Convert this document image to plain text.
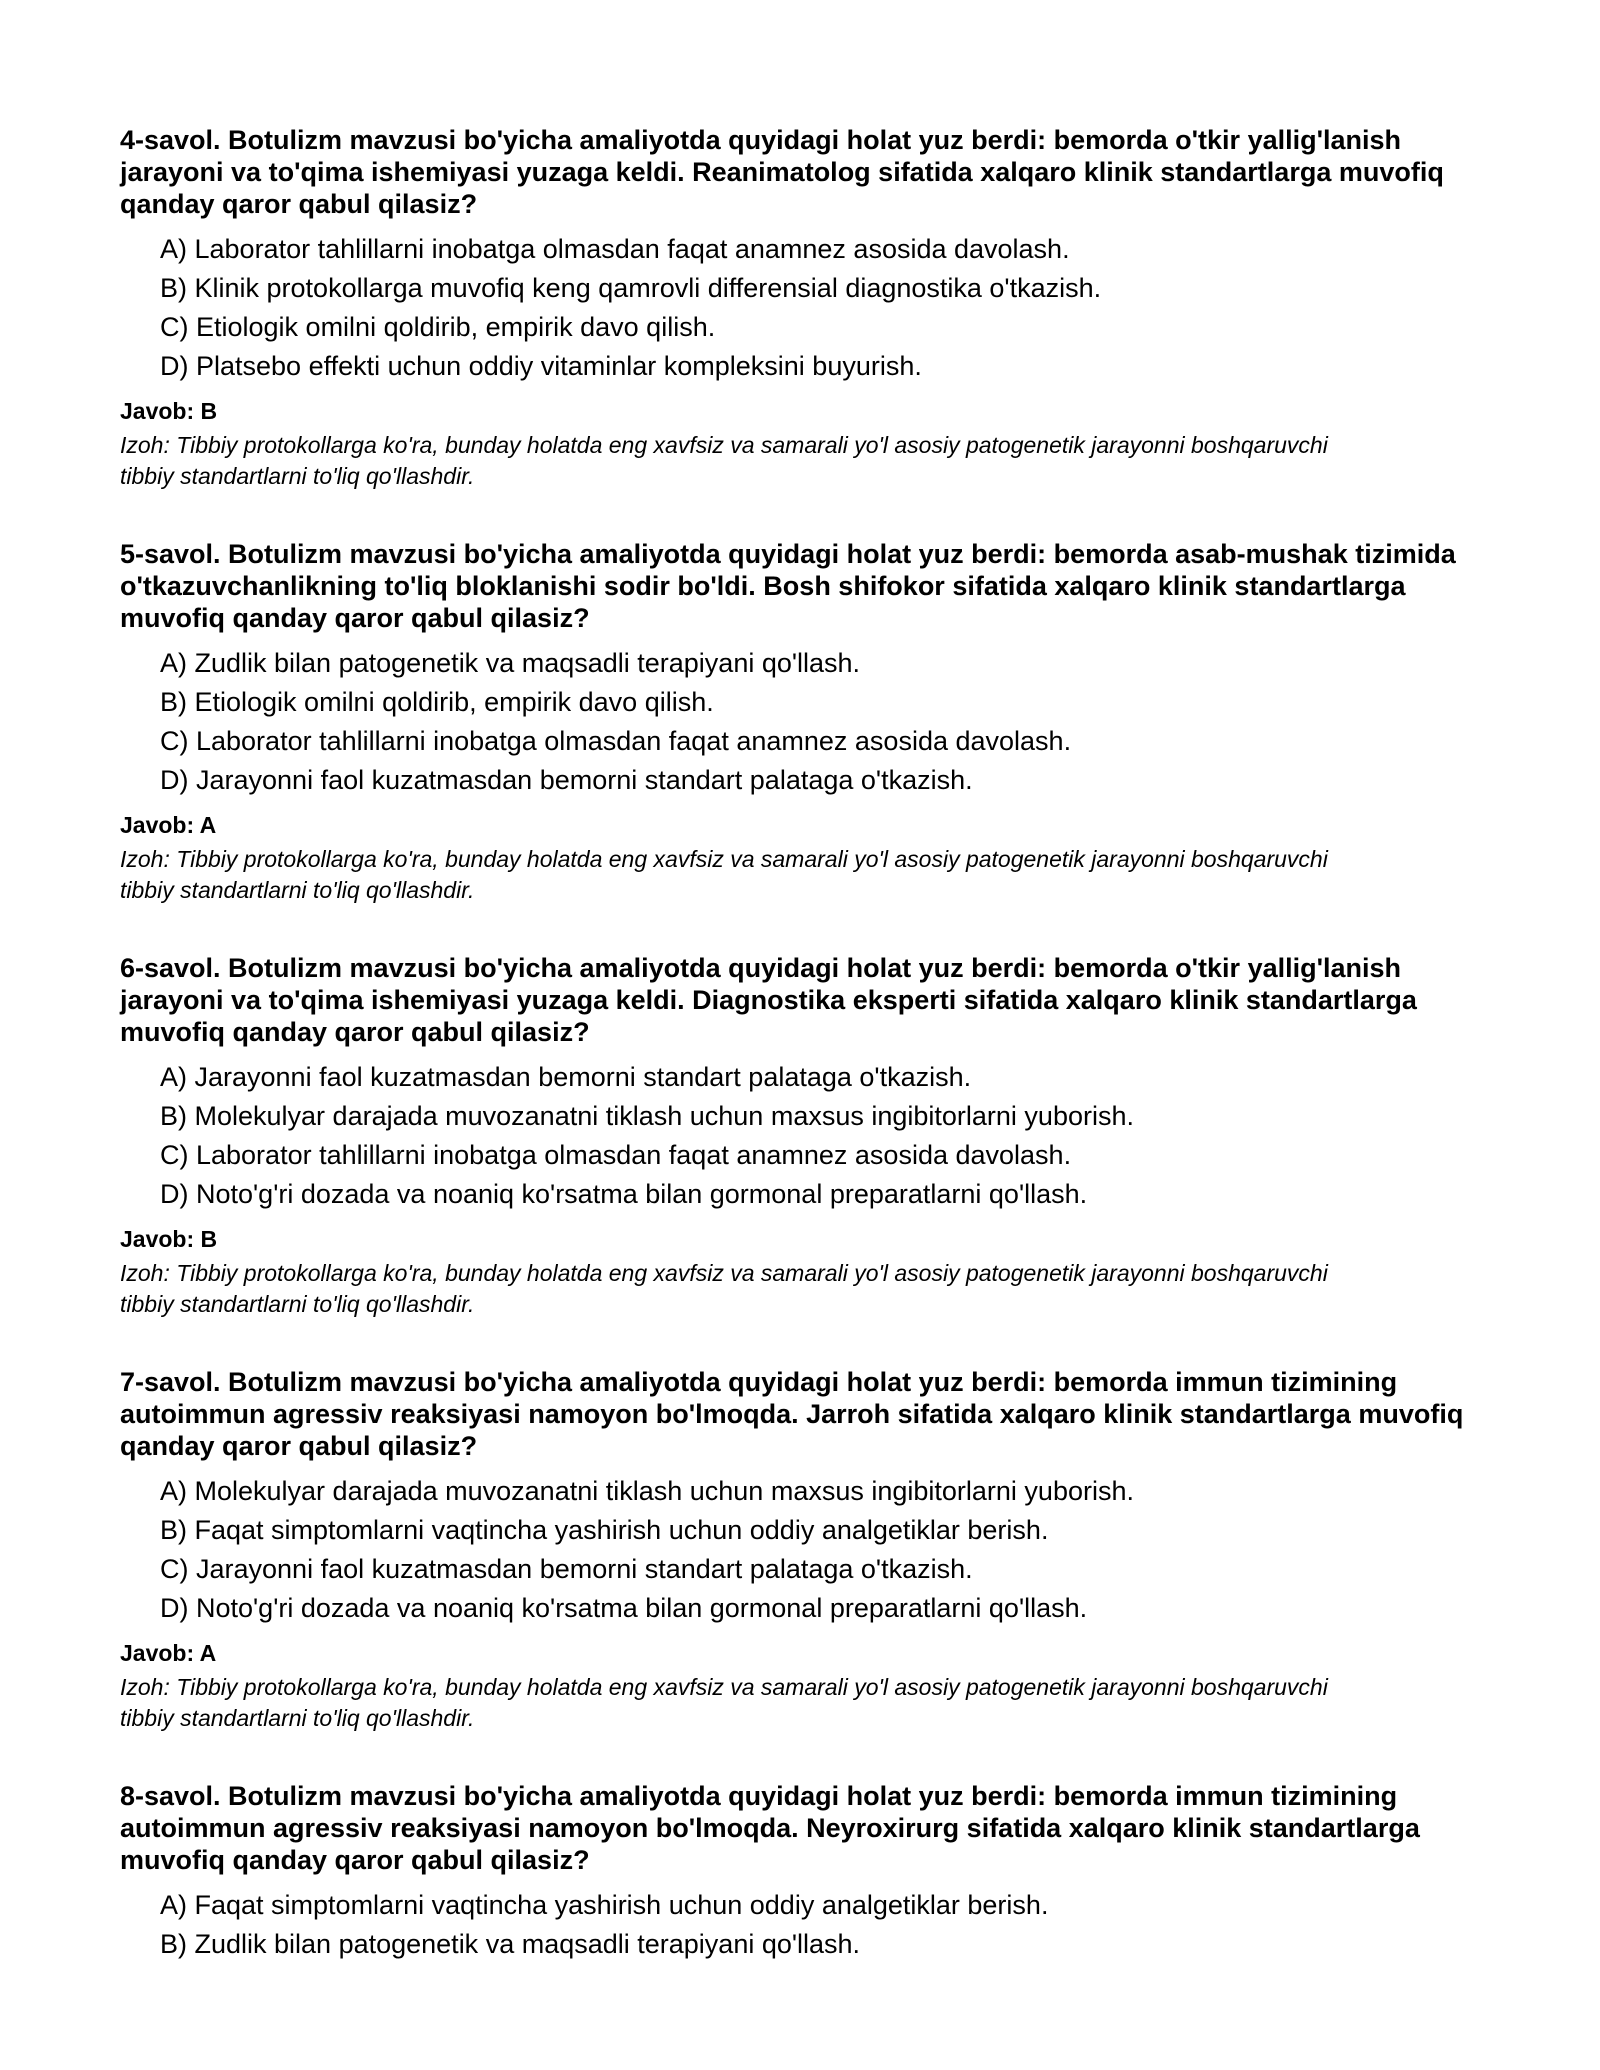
4-savol. Botulizm mavzusi bo'yicha amaliyotda quyidagi holat yuz berdi: bemorda o'tkir yallig'lanish jarayoni va to'qima ishemiyasi yuzaga keldi. Reanimatolog sifatida xalqaro klinik standartlarga muvofiq qanday qaror qabul qilasiz?
A) Laborator tahlillarni inobatga olmasdan faqat anamnez asosida davolash.
B) Klinik protokollarga muvofiq keng qamrovli differensial diagnostika o'tkazish.
C) Etiologik omilni qoldirib, empirik davo qilish.
D) Platsebo effekti uchun oddiy vitaminlar kompleksini buyurish.
Javob: B
Izoh: Tibbiy protokollarga ko'ra, bunday holatda eng xavfsiz va samarali yo'l asosiy patogenetik jarayonni boshqaruvchi tibbiy standartlarni to'liq qo'llashdir.
5-savol. Botulizm mavzusi bo'yicha amaliyotda quyidagi holat yuz berdi: bemorda asab-mushak tizimida o'tkazuvchanlikning to'liq bloklanishi sodir bo'ldi. Bosh shifokor sifatida xalqaro klinik standartlarga muvofiq qanday qaror qabul qilasiz?
A) Zudlik bilan patogenetik va maqsadli terapiyani qo'llash.
B) Etiologik omilni qoldirib, empirik davo qilish.
C) Laborator tahlillarni inobatga olmasdan faqat anamnez asosida davolash.
D) Jarayonni faol kuzatmasdan bemorni standart palataga o'tkazish.
Javob: A
Izoh: Tibbiy protokollarga ko'ra, bunday holatda eng xavfsiz va samarali yo'l asosiy patogenetik jarayonni boshqaruvchi tibbiy standartlarni to'liq qo'llashdir.
6-savol. Botulizm mavzusi bo'yicha amaliyotda quyidagi holat yuz berdi: bemorda o'tkir yallig'lanish jarayoni va to'qima ishemiyasi yuzaga keldi. Diagnostika eksperti sifatida xalqaro klinik standartlarga muvofiq qanday qaror qabul qilasiz?
A) Jarayonni faol kuzatmasdan bemorni standart palataga o'tkazish.
B) Molekulyar darajada muvozanatni tiklash uchun maxsus ingibitorlarni yuborish.
C) Laborator tahlillarni inobatga olmasdan faqat anamnez asosida davolash.
D) Noto'g'ri dozada va noaniq ko'rsatma bilan gormonal preparatlarni qo'llash.
Javob: B
Izoh: Tibbiy protokollarga ko'ra, bunday holatda eng xavfsiz va samarali yo'l asosiy patogenetik jarayonni boshqaruvchi tibbiy standartlarni to'liq qo'llashdir.
7-savol. Botulizm mavzusi bo'yicha amaliyotda quyidagi holat yuz berdi: bemorda immun tizimining autoimmun agressiv reaksiyasi namoyon bo'lmoqda. Jarroh sifatida xalqaro klinik standartlarga muvofiq qanday qaror qabul qilasiz?
A) Molekulyar darajada muvozanatni tiklash uchun maxsus ingibitorlarni yuborish.
B) Faqat simptomlarni vaqtincha yashirish uchun oddiy analgetiklar berish.
C) Jarayonni faol kuzatmasdan bemorni standart palataga o'tkazish.
D) Noto'g'ri dozada va noaniq ko'rsatma bilan gormonal preparatlarni qo'llash.
Javob: A
Izoh: Tibbiy protokollarga ko'ra, bunday holatda eng xavfsiz va samarali yo'l asosiy patogenetik jarayonni boshqaruvchi tibbiy standartlarni to'liq qo'llashdir.
8-savol. Botulizm mavzusi bo'yicha amaliyotda quyidagi holat yuz berdi: bemorda immun tizimining autoimmun agressiv reaksiyasi namoyon bo'lmoqda. Neyroxirurg sifatida xalqaro klinik standartlarga muvofiq qanday qaror qabul qilasiz?
A) Faqat simptomlarni vaqtincha yashirish uchun oddiy analgetiklar berish.
B) Zudlik bilan patogenetik va maqsadli terapiyani qo'llash.
